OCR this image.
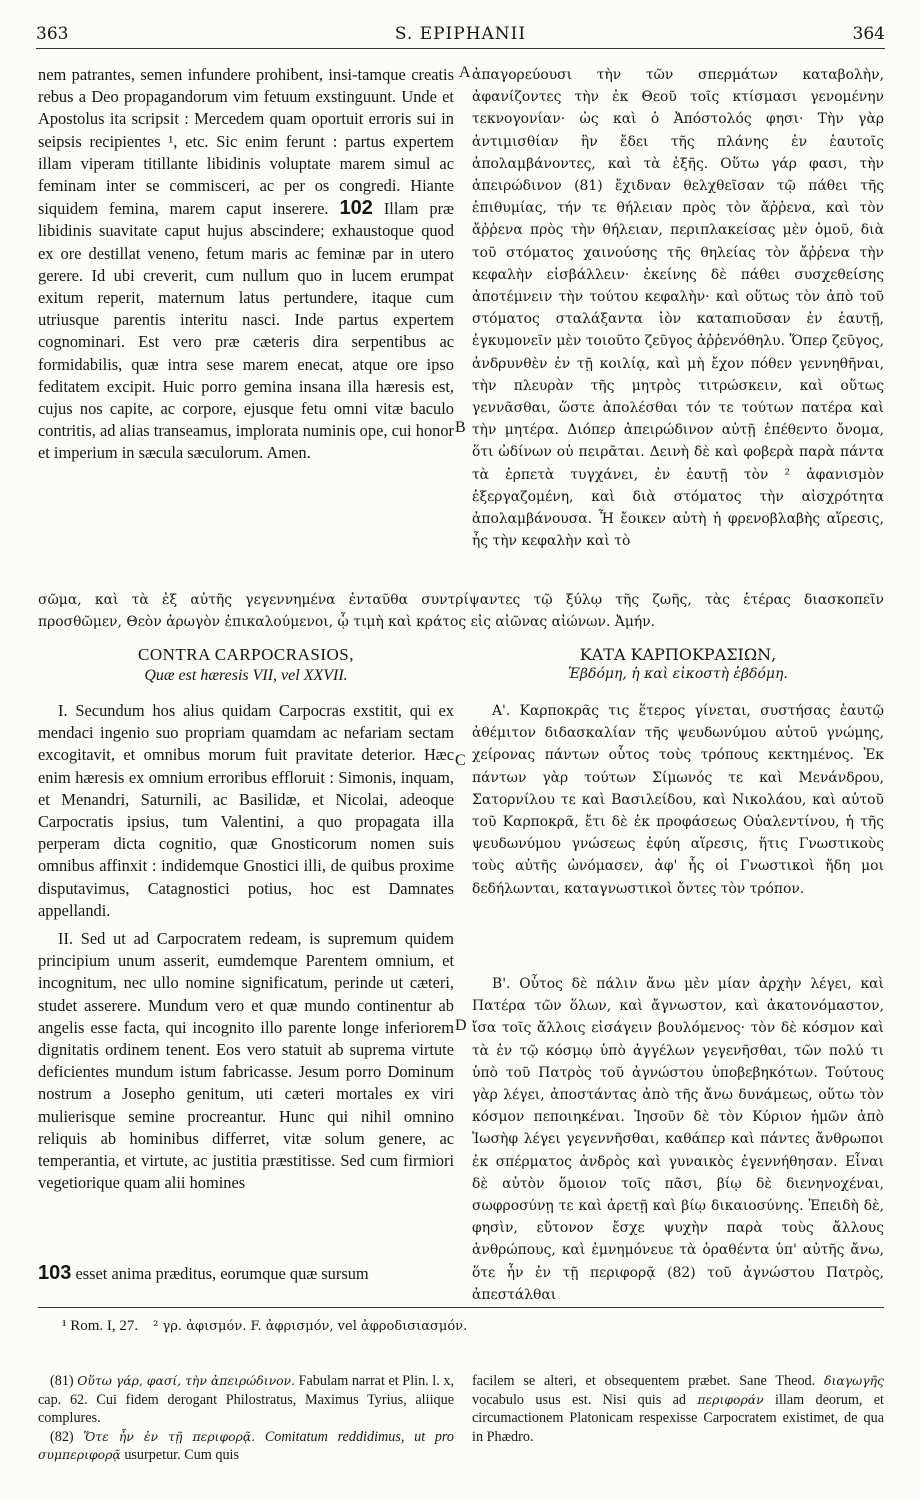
363	S. EPIPHANII	364

nem patrantes, semen infundere prohibent, insi-tamque creatis rebus a Deo propagandorum vim fetuum exstinguunt. Unde et Apostolus ita scripsit : Mercedem quam oportuit erroris sui in seipsis recipientes ¹, etc. Sic enim ferunt : partus expertem illam viperam titillante libidinis voluptate marem simul ac feminam inter se commisceri, ac per os congredi. Hiante siquidem femina, marem caput inserere. 102 Illam præ libidinis suavitate caput hujus abscindere; exhaustoque quod ex ore destillat veneno, fetum maris ac feminæ par in utero gerere. Id ubi creverit, cum nullum quo in lucem erumpat exitum reperit, maternum latus pertundere, itaque cum utriusque parentis interitu nasci. Inde partus expertem cognominari. Est vero præ cæteris dira serpentibus ac formidabilis, quæ intra sese marem enecat, atque ore ipso feditatem excipit. Huic porro gemina insana illa hæresis est, cujus nos capite, ac corpore, ejusque fetu omni vitæ baculo contritis, ad alias transeamus, implorata numinis ope, cui honor et imperium in sæcula sæculorum. Amen.

A
B

ἀπαγορεύουσι τὴν τῶν σπερμάτων καταβολὴν, ἀφανίζοντες τὴν ἐκ Θεοῦ τοῖς κτίσμασι γενομένην τεκνογονίαν· ὡς καὶ ὁ Ἀπόστολός φησι· Τὴν γὰρ ἀντιμισθίαν ἣν ἔδει τῆς πλάνης ἐν ἑαυτοῖς ἀπολαμβάνοντες, καὶ τὰ ἑξῆς. Οὕτω γάρ φασι, τὴν ἀπειρώδινον (81) ἔχιδναν θελχθεῖσαν τῷ πάθει τῆς ἐπιθυμίας, τήν τε θήλειαν πρὸς τὸν ἄῤῥενα, καὶ τὸν ἄῤῥενα πρὸς τὴν θήλειαν, περιπλακείσας μὲν ὁμοῦ, διὰ τοῦ στόματος χαινούσης τῆς θηλείας τὸν ἄῤῥενα τὴν κεφαλὴν εἰσβάλλειν· ἐκείνης δὲ πάθει συσχεθείσης ἀποτέμνειν τὴν τούτου κεφαλὴν· καὶ οὕτως τὸν ἀπὸ τοῦ στόματος σταλάξαντα ἰὸν καταπιοῦσαν ἐν ἑαυτῇ, ἐγκυμονεῖν μὲν τοιοῦτο ζεῦγος ἀῤῥενόθηλυ. Ὅπερ ζεῦγος, ἀνδρυνθὲν ἐν τῇ κοιλίᾳ, καὶ μὴ ἔχον πόθεν γεννηθῆναι, τὴν πλευρὰν τῆς μητρὸς τιτρώσκειν, καὶ οὕτως γεννᾶσθαι, ὥστε ἀπολέσθαι τόν τε τούτων πατέρα καὶ τὴν μητέρα. Διόπερ ἀπειρώδινον αὐτῇ ἐπέθεντο ὄνομα, ὅτι ὠδίνων οὐ πειρᾶται. Δεινὴ δὲ καὶ φοβερὰ παρὰ πάντα τὰ ἑρπετὰ τυγχάνει, ἐν ἑαυτῇ τὸν ² ἀφανισμὸν ἐξεργαζομένη, καὶ διὰ στόματος τὴν αἰσχρότητα ἀπολαμβάνουσα. Ἦ ἔοικεν αὐτὴ ἡ φρενοβλαβὴς αἵρεσις, ἧς τὴν κεφαλὴν καὶ τὸ

σῶμα, καὶ τὰ ἐξ αὐτῆς γεγεννημένα ἐνταῦθα συντρίψαντες τῷ ξύλῳ τῆς ζωῆς, τὰς ἑτέρας διασκοπεῖν
προσθῶμεν, Θεὸν ἀρωγὸν ἐπικαλούμενοι, ᾧ τιμὴ καὶ κράτος εἰς αἰῶνας αἰώνων. Ἀμήν.
CONTRA CARPOCRASIOS,
Quæ est hæresis VII, vel XXVII.
ΚΑΤΑ ΚΑΡΠΟΚΡΑΣΙΩΝ,
Ἑβδόμη, ἡ καὶ εἰκοστὴ ἑβδόμη.

I. Secundum hos alius quidam Carpocras exstitit, qui ex mendaci ingenio suo propriam quamdam ac nefariam sectam excogitavit, et omnibus morum fuit pravitate deterior. Hæc enim hæresis ex omnium erroribus effloruit : Simonis, inquam, et Menandri, Saturnili, ac Basilidæ, et Nicolai, adeoque Carpocratis ipsius, tum Valentini, a quo propagata illa perperam dicta cognitio, quæ Gnosticorum nomen suis omnibus affinxit : indidemque Gnostici illi, de quibus proxime disputavimus, Catagnostici potius, hoc est Damnates appellandi.

II. Sed ut ad Carpocratem redeam, is supremum quidem principium unum asserit, eumdemque Parentem omnium, et incognitum, nec ullo nomine significatum, perinde ut cæteri, studet asserere. Mundum vero et quæ mundo continentur ab angelis esse facta, qui incognito illo parente longe inferiorem dignitatis ordinem tenent. Eos vero statuit ab suprema virtute deficientes mundum istum fabricasse. Jesum porro Dominum nostrum a Josepho genitum, uti cæteri mortales ex viri mulierisque semine procreantur. Hunc qui nihil omnino reliquis ab hominibus differret, vitæ solum genere, ac temperantia, et virtute, ac justitia præstitisse. Sed cum firmiori vegetiorique quam alii homines

103 esset anima præditus, eorumque quæ sursum
C
D

Α'. Καρποκρᾶς τις ἕτερος γίνεται, συστήσας ἑαυτῷ ἀθέμιτον διδασκαλίαν τῆς ψευδωνύμου αὐτοῦ γνώμης, χείρονας πάντων οὗτος τοὺς τρόπους κεκτημένος. Ἐκ πάντων γὰρ τούτων Σίμωνός τε καὶ Μενάνδρου, Σατορνίλου τε καὶ Βασιλείδου, καὶ Νικολάου, καὶ αὐτοῦ τοῦ Καρποκρᾶ, ἔτι δὲ ἐκ προφάσεως Οὐαλεντίνου, ἡ τῆς ψευδωνύμου γνώσεως ἐφύη αἵρεσις, ἥτις Γνωστικοὺς τοὺς αὐτῆς ὠνόμασεν, ἀφ' ἧς οἱ Γνωστικοὶ ἤδη μοι δεδήλωνται, καταγνωστικοὶ ὄντες τὸν τρόπον.

Β'. Οὗτος δὲ πάλιν ἄνω μὲν μίαν ἀρχὴν λέγει, καὶ Πατέρα τῶν ὅλων, καὶ ἄγνωστον, καὶ ἀκατονόμαστον, ἴσα τοῖς ἄλλοις εἰσάγειν βουλόμενος· τὸν δὲ κόσμον καὶ τὰ ἐν τῷ κόσμῳ ὑπὸ ἀγγέλων γεγενῆσθαι, τῶν πολύ τι ὑπὸ τοῦ Πατρὸς τοῦ ἀγνώστου ὑποβεβηκότων. Τούτους γὰρ λέγει, ἀποστάντας ἀπὸ τῆς ἄνω δυνάμεως, οὕτω τὸν κόσμον πεποιηκέναι. Ἰησοῦν δὲ τὸν Κύριον ἡμῶν ἀπὸ Ἰωσὴφ λέγει γεγεννῆσθαι, καθάπερ καὶ πάντες ἄνθρωποι ἐκ σπέρματος ἀνδρὸς καὶ γυναικὸς ἐγεννήθησαν. Εἶναι δὲ αὐτὸν ὅμοιον τοῖς πᾶσι, βίῳ δὲ διενηνοχέναι, σωφροσύνῃ τε καὶ ἀρετῇ καὶ βίῳ δικαιοσύνης. Ἐπειδὴ δὲ, φησὶν, εὔτονον ἔσχε ψυχὴν παρὰ τοὺς ἄλλους ἀνθρώπους, καὶ ἐμνημόνευε τὰ ὁραθέντα ὑπ' αὐτῆς ἄνω, ὅτε ἦν ἐν τῇ περιφορᾷ (82) τοῦ ἀγνώστου Πατρὸς, ἀπεστάλθαι

¹ Rom. I, 27. ² γρ. ἀφισμόν. F. ἀφρισμόν, vel ἀφροδισιασμόν.

(81) Οὕτω γάρ, φασί, τὴν ἀπειρώδινον. Fabulam narrat et Plin. l. x, cap. 62. Cui fidem derogant Philostratus, Maximus Tyrius, aliique complures.

(82) Ὅτε ἦν ἐν τῇ περιφορᾷ. Comitatum reddidimus, ut pro συμπεριφορᾷ usurpetur. Cum quis

facilem se alteri, et obsequentem præbet. Sane Theod. διαγωγῆς vocabulo usus est. Nisi quis ad περιφοράν illam deorum, et circumactionem Platonicam respexisse Carpocratem existimet, de qua in Phædro.
